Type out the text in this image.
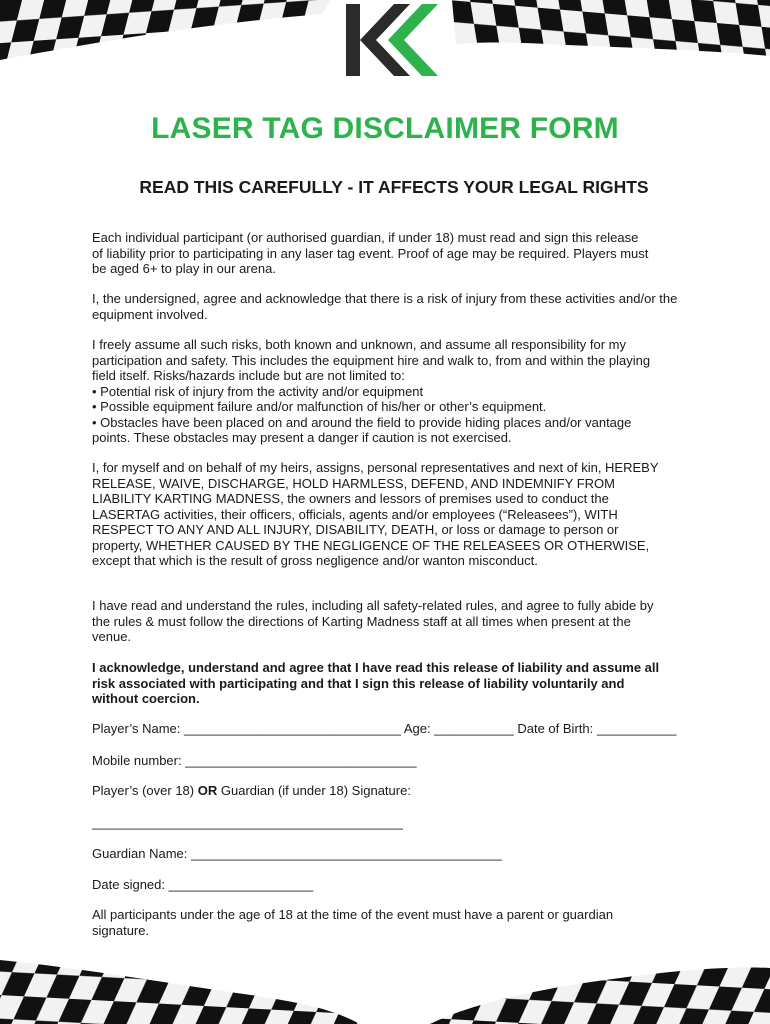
LASER TAG DISCLAIMER FORM
READ THIS CAREFULLY - IT AFFECTS YOUR LEGAL RIGHTS

Each individual participant (or authorised guardian, if under 18) must read and sign this release of liability prior to participating in any laser tag event. Proof of age may be required. Players must be aged 6+ to play in our arena.

I, the undersigned, agree and acknowledge that there is a risk of injury from these activities and/or the equipment involved.

I freely assume all such risks, both known and unknown, and assume all responsibility for my participation and safety. This includes the equipment hire and walk to, from and within the playing field itself. Risks/hazards include but are not limited to:

• Potential risk of injury from the activity and/or equipment

• Possible equipment failure and/or malfunction of his/her or other’s equipment.

• Obstacles have been placed on and around the field to provide hiding places and/or vantage points. These obstacles may present a danger if caution is not exercised.

I, for myself and on behalf of my heirs, assigns, personal representatives and next of kin, HEREBY RELEASE, WAIVE, DISCHARGE, HOLD HARMLESS, DEFEND, AND INDEMNIFY FROM LIABILITY KARTING MADNESS, the owners and lessors of premises used to conduct the LASERTAG activities, their officers, officials, agents and/or employees (“Releasees”), WITH RESPECT TO ANY AND ALL INJURY, DISABILITY, DEATH, or loss or damage to person or property, WHETHER CAUSED BY THE NEGLIGENCE OF THE RELEASEES OR OTHERWISE, except that which is the result of gross negligence and/or wanton misconduct.

I have read and understand the rules, including all safety-related rules, and agree to fully abide by the rules & must follow the directions of Karting Madness staff at all times when present at the venue.

I acknowledge, understand and agree that I have read this release of liability and assume all risk associated with participating and that I sign this release of liability voluntarily and without coercion.

Player’s Name: ______________________________ Age: ___________ Date of Birth: ___________
Mobile number: ________________________________
Player’s (over 18) OR Guardian (if under 18) Signature:
___________________________________________
Guardian Name: ___________________________________________
Date signed: ____________________

All participants under the age of 18 at the time of the event must have a parent or guardian signature.
